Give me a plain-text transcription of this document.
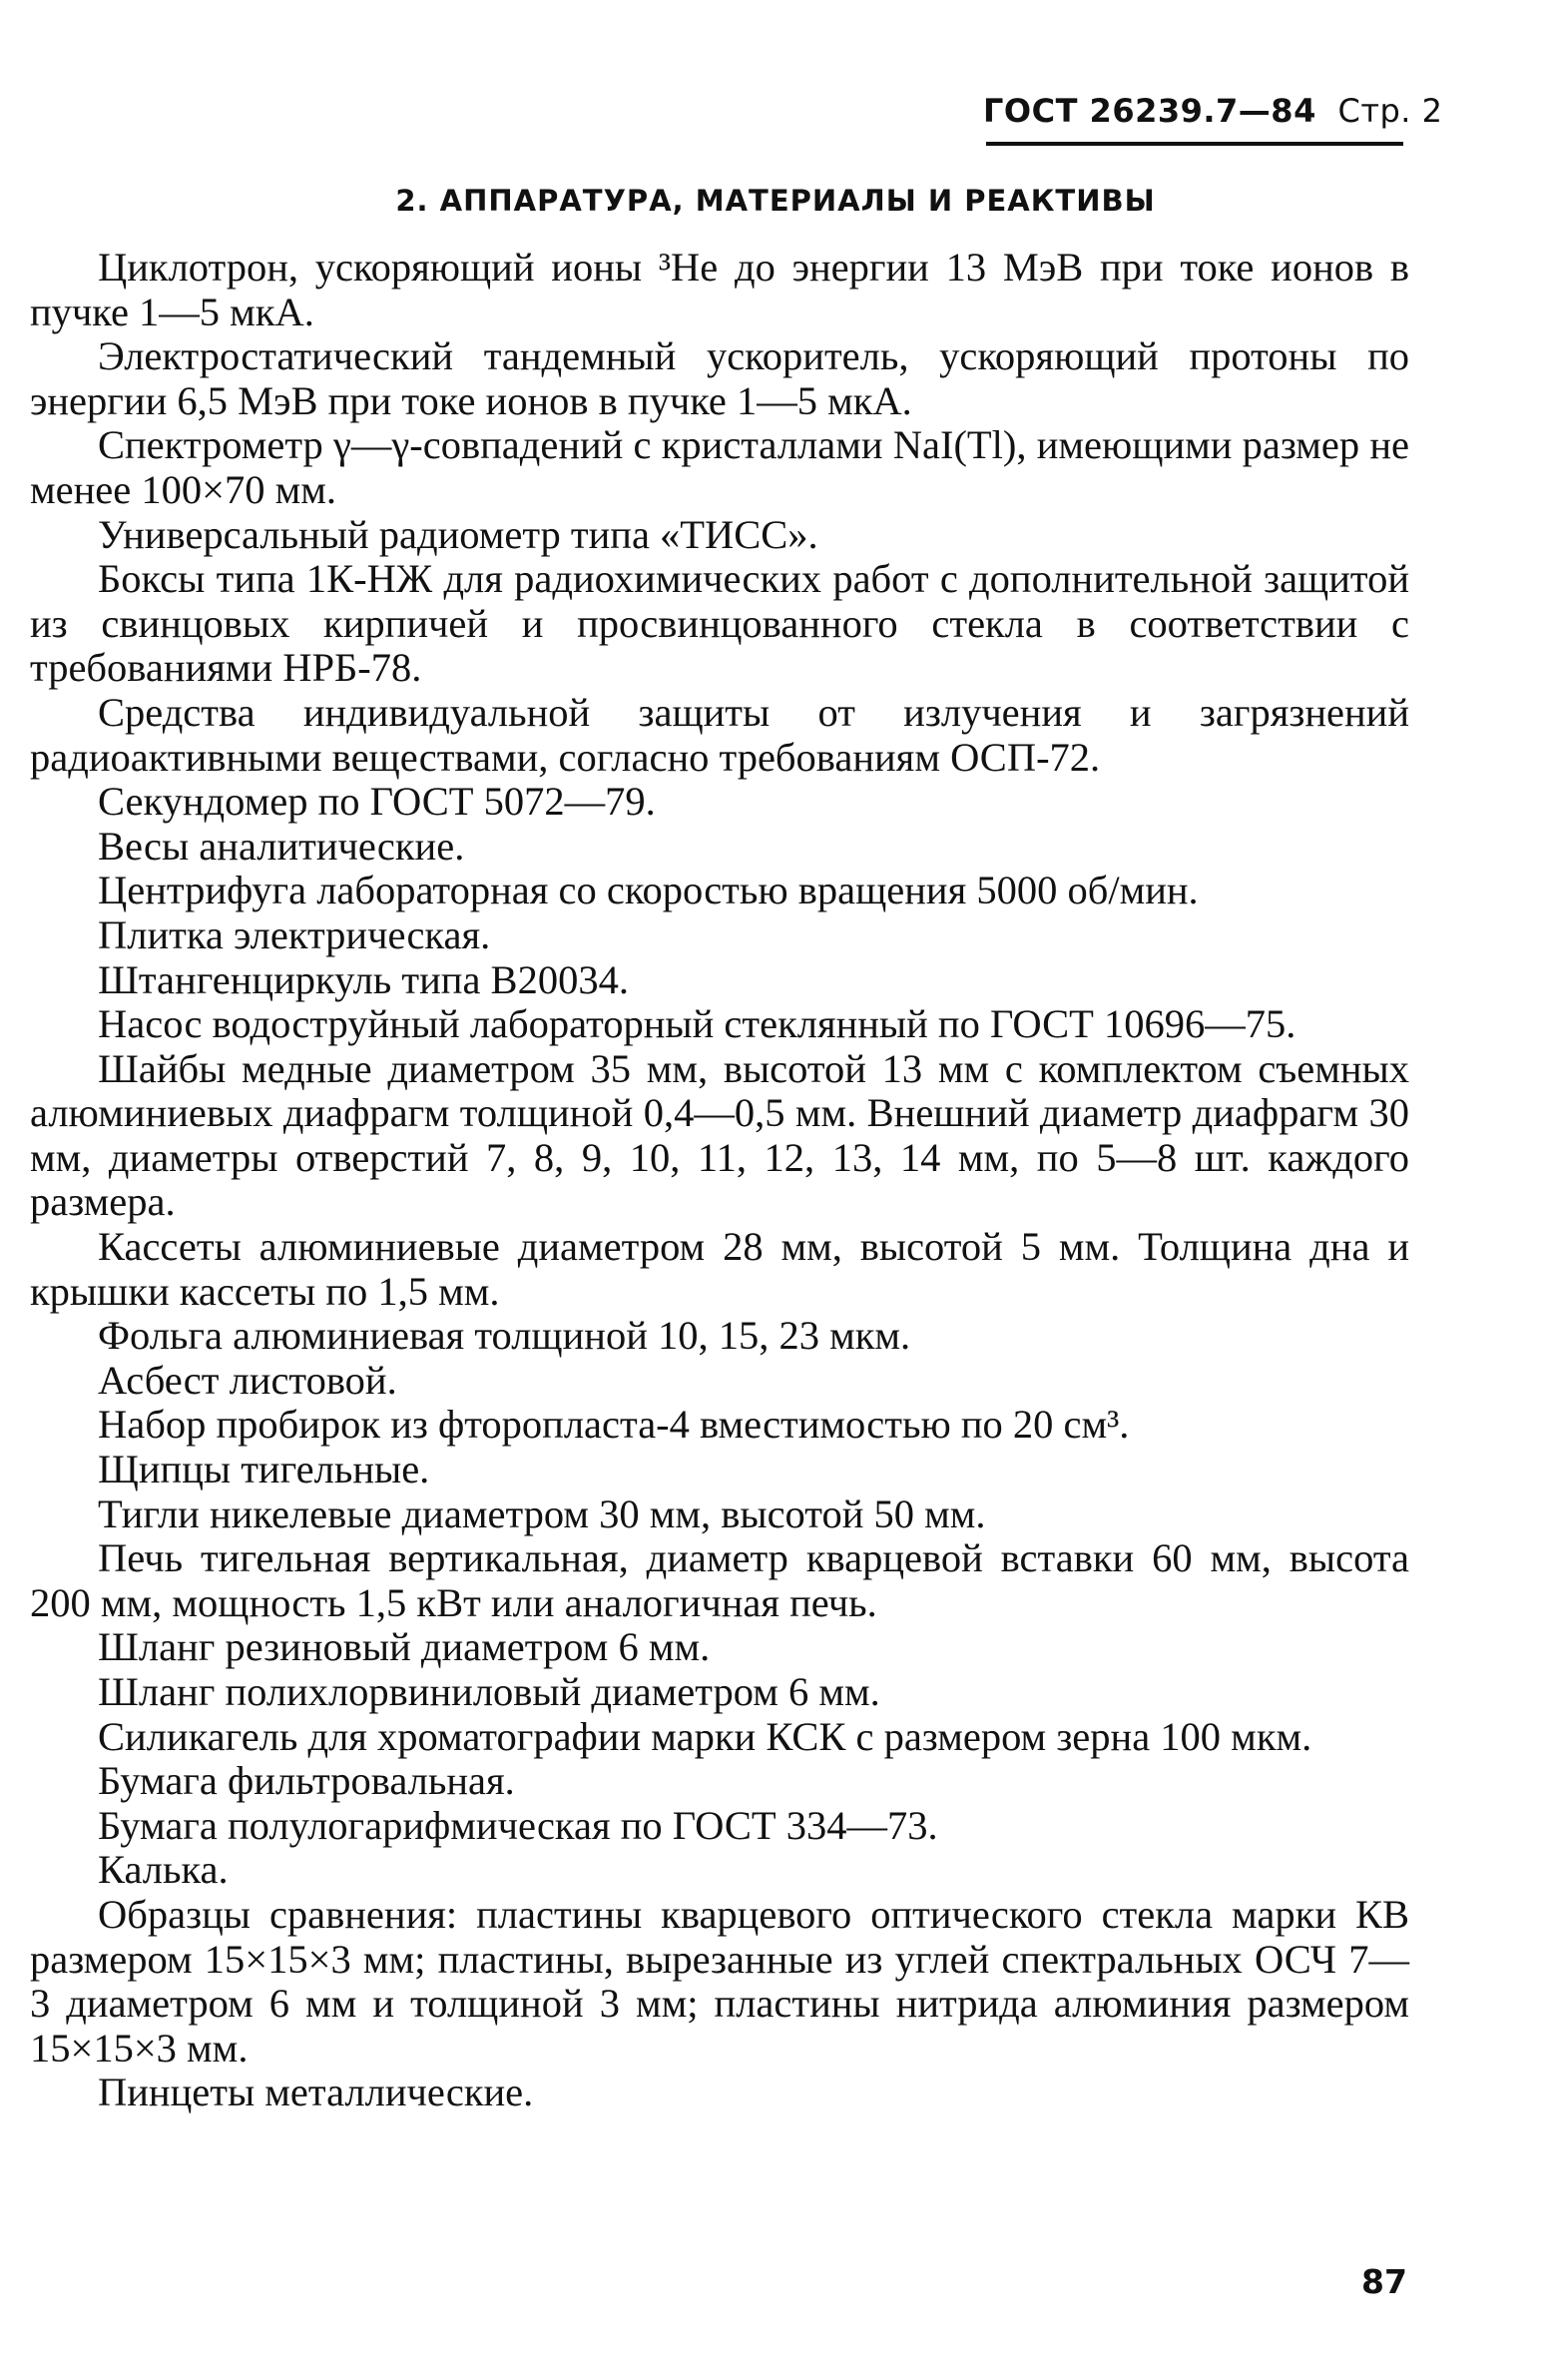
ГОСТ 26239.7—84 Стр. 2
2. АППАРАТУРА, МАТЕРИАЛЫ И РЕАКТИВЫ

Циклотрон, ускоряющий ионы ³Не до энергии 13 МэВ при токе ионов в пучке 1—5 мкА.

Электростатический тандемный ускоритель, ускоряющий протоны по энергии 6,5 МэВ при токе ионов в пучке 1—5 мкА.

Спектрометр γ—γ-совпадений с кристаллами NaI(Tl), имеющими размер не менее 100×70 мм.

Универсальный радиометр типа «ТИСС».

Боксы типа 1К-НЖ для радиохимических работ с дополнительной защитой из свинцовых кирпичей и просвинцованного стекла в соответствии с требованиями НРБ-78.

Средства индивидуальной защиты от излучения и загрязнений радиоактивными веществами, согласно требованиям ОСП-72.

Секундомер по ГОСТ 5072—79.

Весы аналитические.

Центрифуга лабораторная со скоростью вращения 5000 об/мин.

Плитка электрическая.

Штангенциркуль типа В20034.

Насос водоструйный лабораторный стеклянный по ГОСТ 10696—75.

Шайбы медные диаметром 35 мм, высотой 13 мм с комплектом съемных алюминиевых диафрагм толщиной 0,4—0,5 мм. Внешний диаметр диафрагм 30 мм, диаметры отверстий 7, 8, 9, 10, 11, 12, 13, 14 мм, по 5—8 шт. каждого размера.

Кассеты алюминиевые диаметром 28 мм, высотой 5 мм. Толщина дна и крышки кассеты по 1,5 мм.

Фольга алюминиевая толщиной 10, 15, 23 мкм.

Асбест листовой.

Набор пробирок из фторопласта-4 вместимостью по 20 см³.

Щипцы тигельные.

Тигли никелевые диаметром 30 мм, высотой 50 мм.

Печь тигельная вертикальная, диаметр кварцевой вставки 60 мм, высота 200 мм, мощность 1,5 кВт или аналогичная печь.

Шланг резиновый диаметром 6 мм.

Шланг полихлорвиниловый диаметром 6 мм.

Силикагель для хроматографии марки КСК с размером зерна 100 мкм.

Бумага фильтровальная.

Бумага полулогарифмическая по ГОСТ 334—73.

Калька.

Образцы сравнения: пластины кварцевого оптического стекла марки КВ размером 15×15×3 мм; пластины, вырезанные из углей спектральных ОСЧ 7—3 диаметром 6 мм и толщиной 3 мм; пластины нитрида алюминия размером 15×15×3 мм.

Пинцеты металлические.

87
